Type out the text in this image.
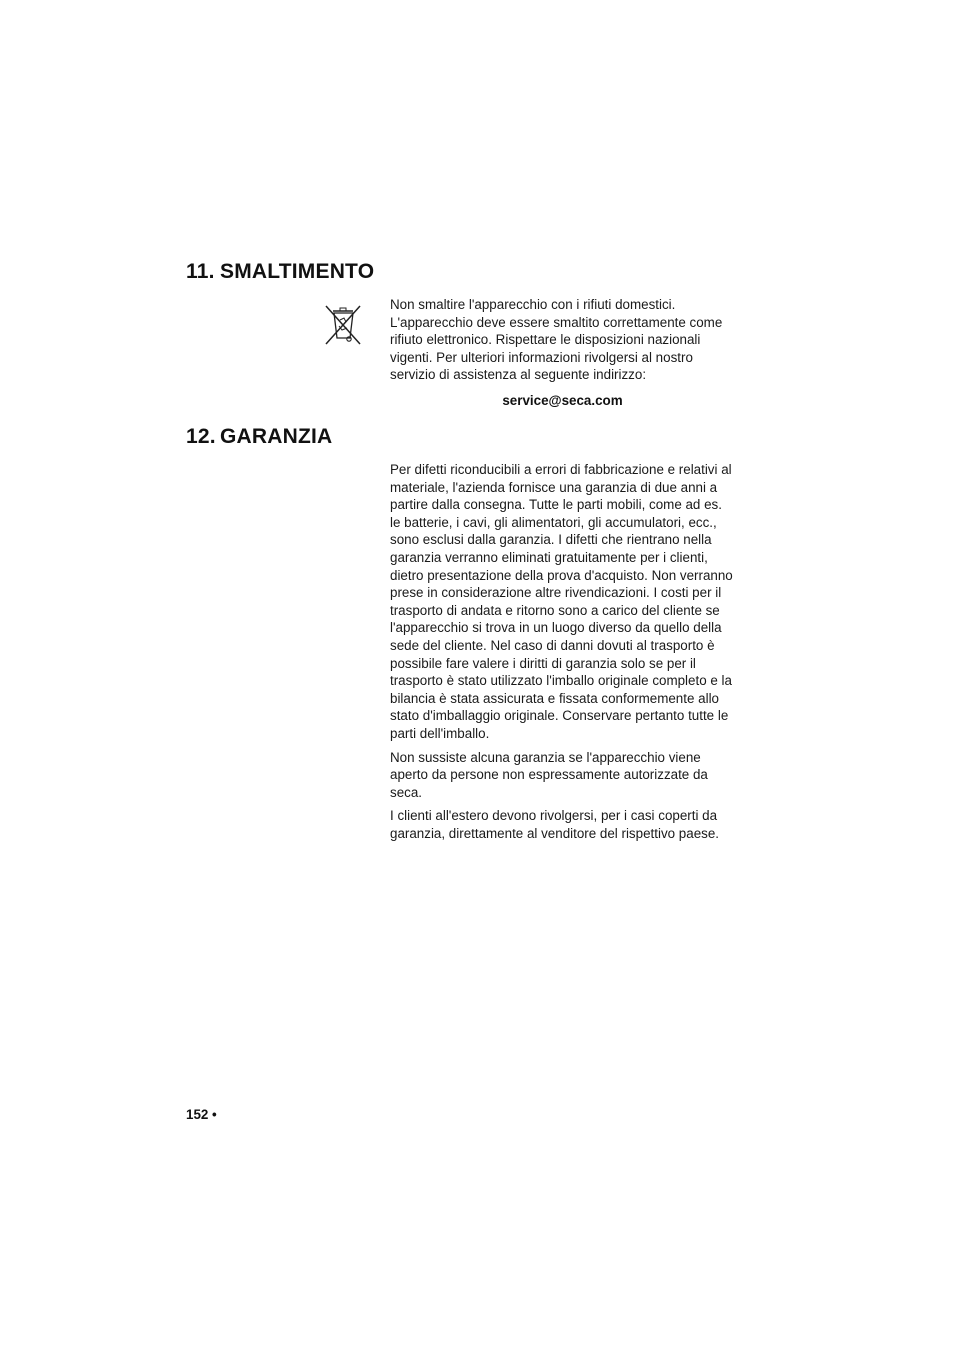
11. SMALTIMENTO

Non smaltire l'apparecchio con i rifiuti domestici. L'apparecchio deve essere smaltito correttamente come rifiuto elettronico. Rispettare le disposizioni nazionali vigenti. Per ulteriori informazioni rivolgersi al nostro servizio di assistenza al seguente indirizzo:

service@seca.com
12. GARANZIA

Per difetti riconducibili a errori di fabbricazione e relativi al materiale, l'azienda fornisce una garanzia di due anni a partire dalla consegna. Tutte le parti mobili, come ad es. le batterie, i cavi, gli alimentatori, gli accumulatori, ecc., sono esclusi dalla garanzia. I difetti che rientrano nella garanzia verranno eliminati gratuitamente per i clienti, dietro presentazione della prova d'acquisto. Non verranno prese in considerazione altre rivendicazioni. I costi per il trasporto di andata e ritorno sono a carico del cliente se l'apparecchio si trova in un luogo diverso da quello della sede del cliente. Nel caso di danni dovuti al trasporto è possibile fare valere i diritti di garanzia solo se per il trasporto è stato utilizzato l'imballo originale completo e la bilancia è stata assicurata e fissata conformemente allo stato d'imballaggio originale. Conservare pertanto tutte le parti dell'imballo.

Non sussiste alcuna garanzia se l'apparecchio viene aperto da persone non espressamente autorizzate da seca.

I clienti all'estero devono rivolgersi, per i casi coperti da garanzia, direttamente al venditore del rispettivo paese.

152 •
